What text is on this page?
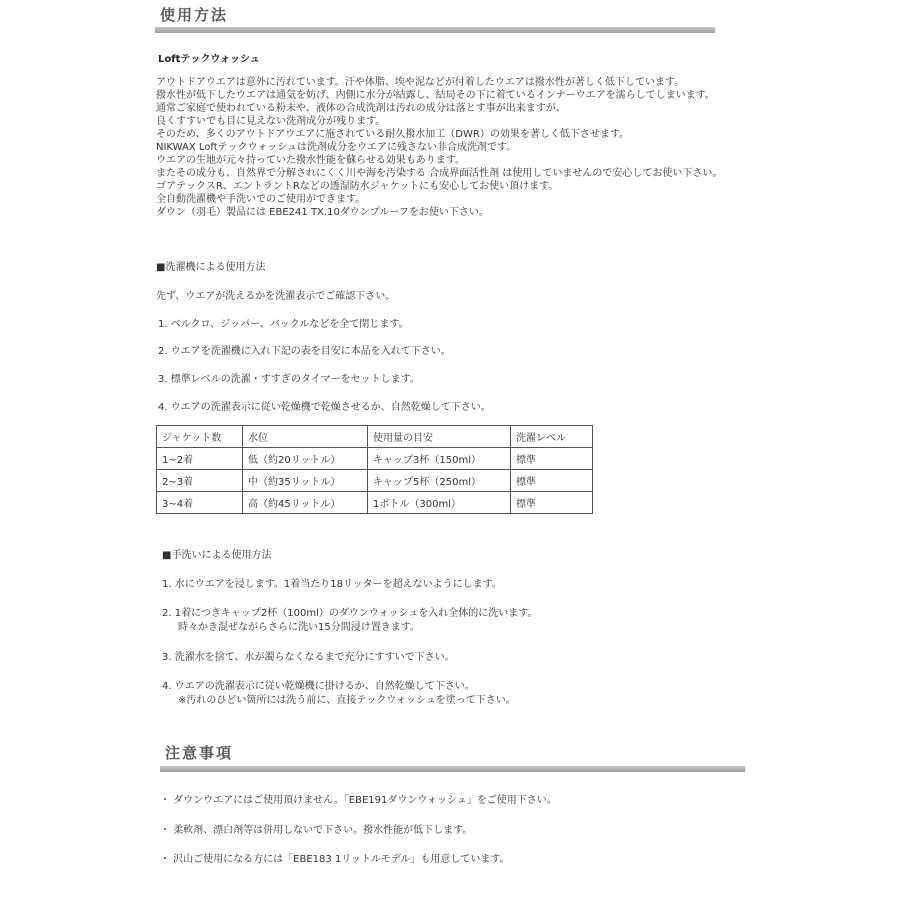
使用方法
Loftテックウォッシュ
アウトドアウエアは意外に汚れています。汗や体脂、埃や泥などが付着したウエアは撥水性が著しく低下しています。
撥水性が低下したウエアは通気を妨げ、内側に水分が結露し、結局その下に着ているインナーウエアを濡らしてしまいます。
通常ご家庭で使われている粉末や、液体の合成洗剤は汚れの成分は落とす事が出来ますが、
良くすすいでも目に見えない洗剤成分が残ります。
そのため、多くのアウトドアウエアに施されている耐久撥水加工（DWR）の効果を著しく低下させます。
NIKWAX Loftテックウォッシュは洗剤成分をウエアに残さない非合成洗剤です。
ウエアの生地が元々持っていた撥水性能を蘇らせる効果もあります。
またその成分も、自然界で分解されにくく川や海を汚染する 合成界面活性剤 は使用していませんので安心してお使い下さい。
ゴアテックスR、エントラントRなどの透湿防水ジャケットにも安心してお使い頂けます。
全自動洗濯機や手洗いでのご使用ができます。
ダウン（羽毛）製品には EBE241 TX.10ダウンプルーフをお使い下さい。
■洗濯機による使用方法
先ず、ウエアが洗えるかを洗濯表示でご確認下さい。
1. ベルクロ、ジッパー、バックルなどを全て閉じます。
2. ウエアを洗濯機に入れ下記の表を目安に本品を入れて下さい。
3. 標準レベルの洗濯・すすぎのタイマーをセットします。
4. ウエアの洗濯表示に従い乾燥機で乾燥させるか、自然乾燥して下さい。
ジャケット数	水位	使用量の目安	洗濯レベル
1~2着	低（約20リットル）	キャップ3杯（150ml）	標準
2~3着	中（約35リットル）	キャップ5杯（250ml）	標準
3~4着	高（約45リットル）	1ボトル（300ml）	標準
■手洗いによる使用方法
1. 水にウエアを浸します。1着当たり18リッターを超えないようにします。
2. 1着につきキャップ2杯（100ml）のダウンウォッシュを入れ全体的に洗います。
時々かき混ぜながらさらに洗い15分間浸け置きます。
3. 洗濯水を捨て、水が濁らなくなるまで充分にすすいで下さい。
4. ウエアの洗濯表示に従い乾燥機に掛けるか、自然乾燥して下さい。
※汚れのひどい箇所には洗う前に、直接テックウォッシュを塗って下さい。
注意事項
・ ダウンウエアにはご使用頂けません。「EBE191ダウンウォッシュ」をご使用下さい。
・ 柔軟剤、漂白剤等は併用しないで下さい。撥水性能が低下します。
・ 沢山ご使用になる方には「EBE183 1リットルモデル」も用意しています。
